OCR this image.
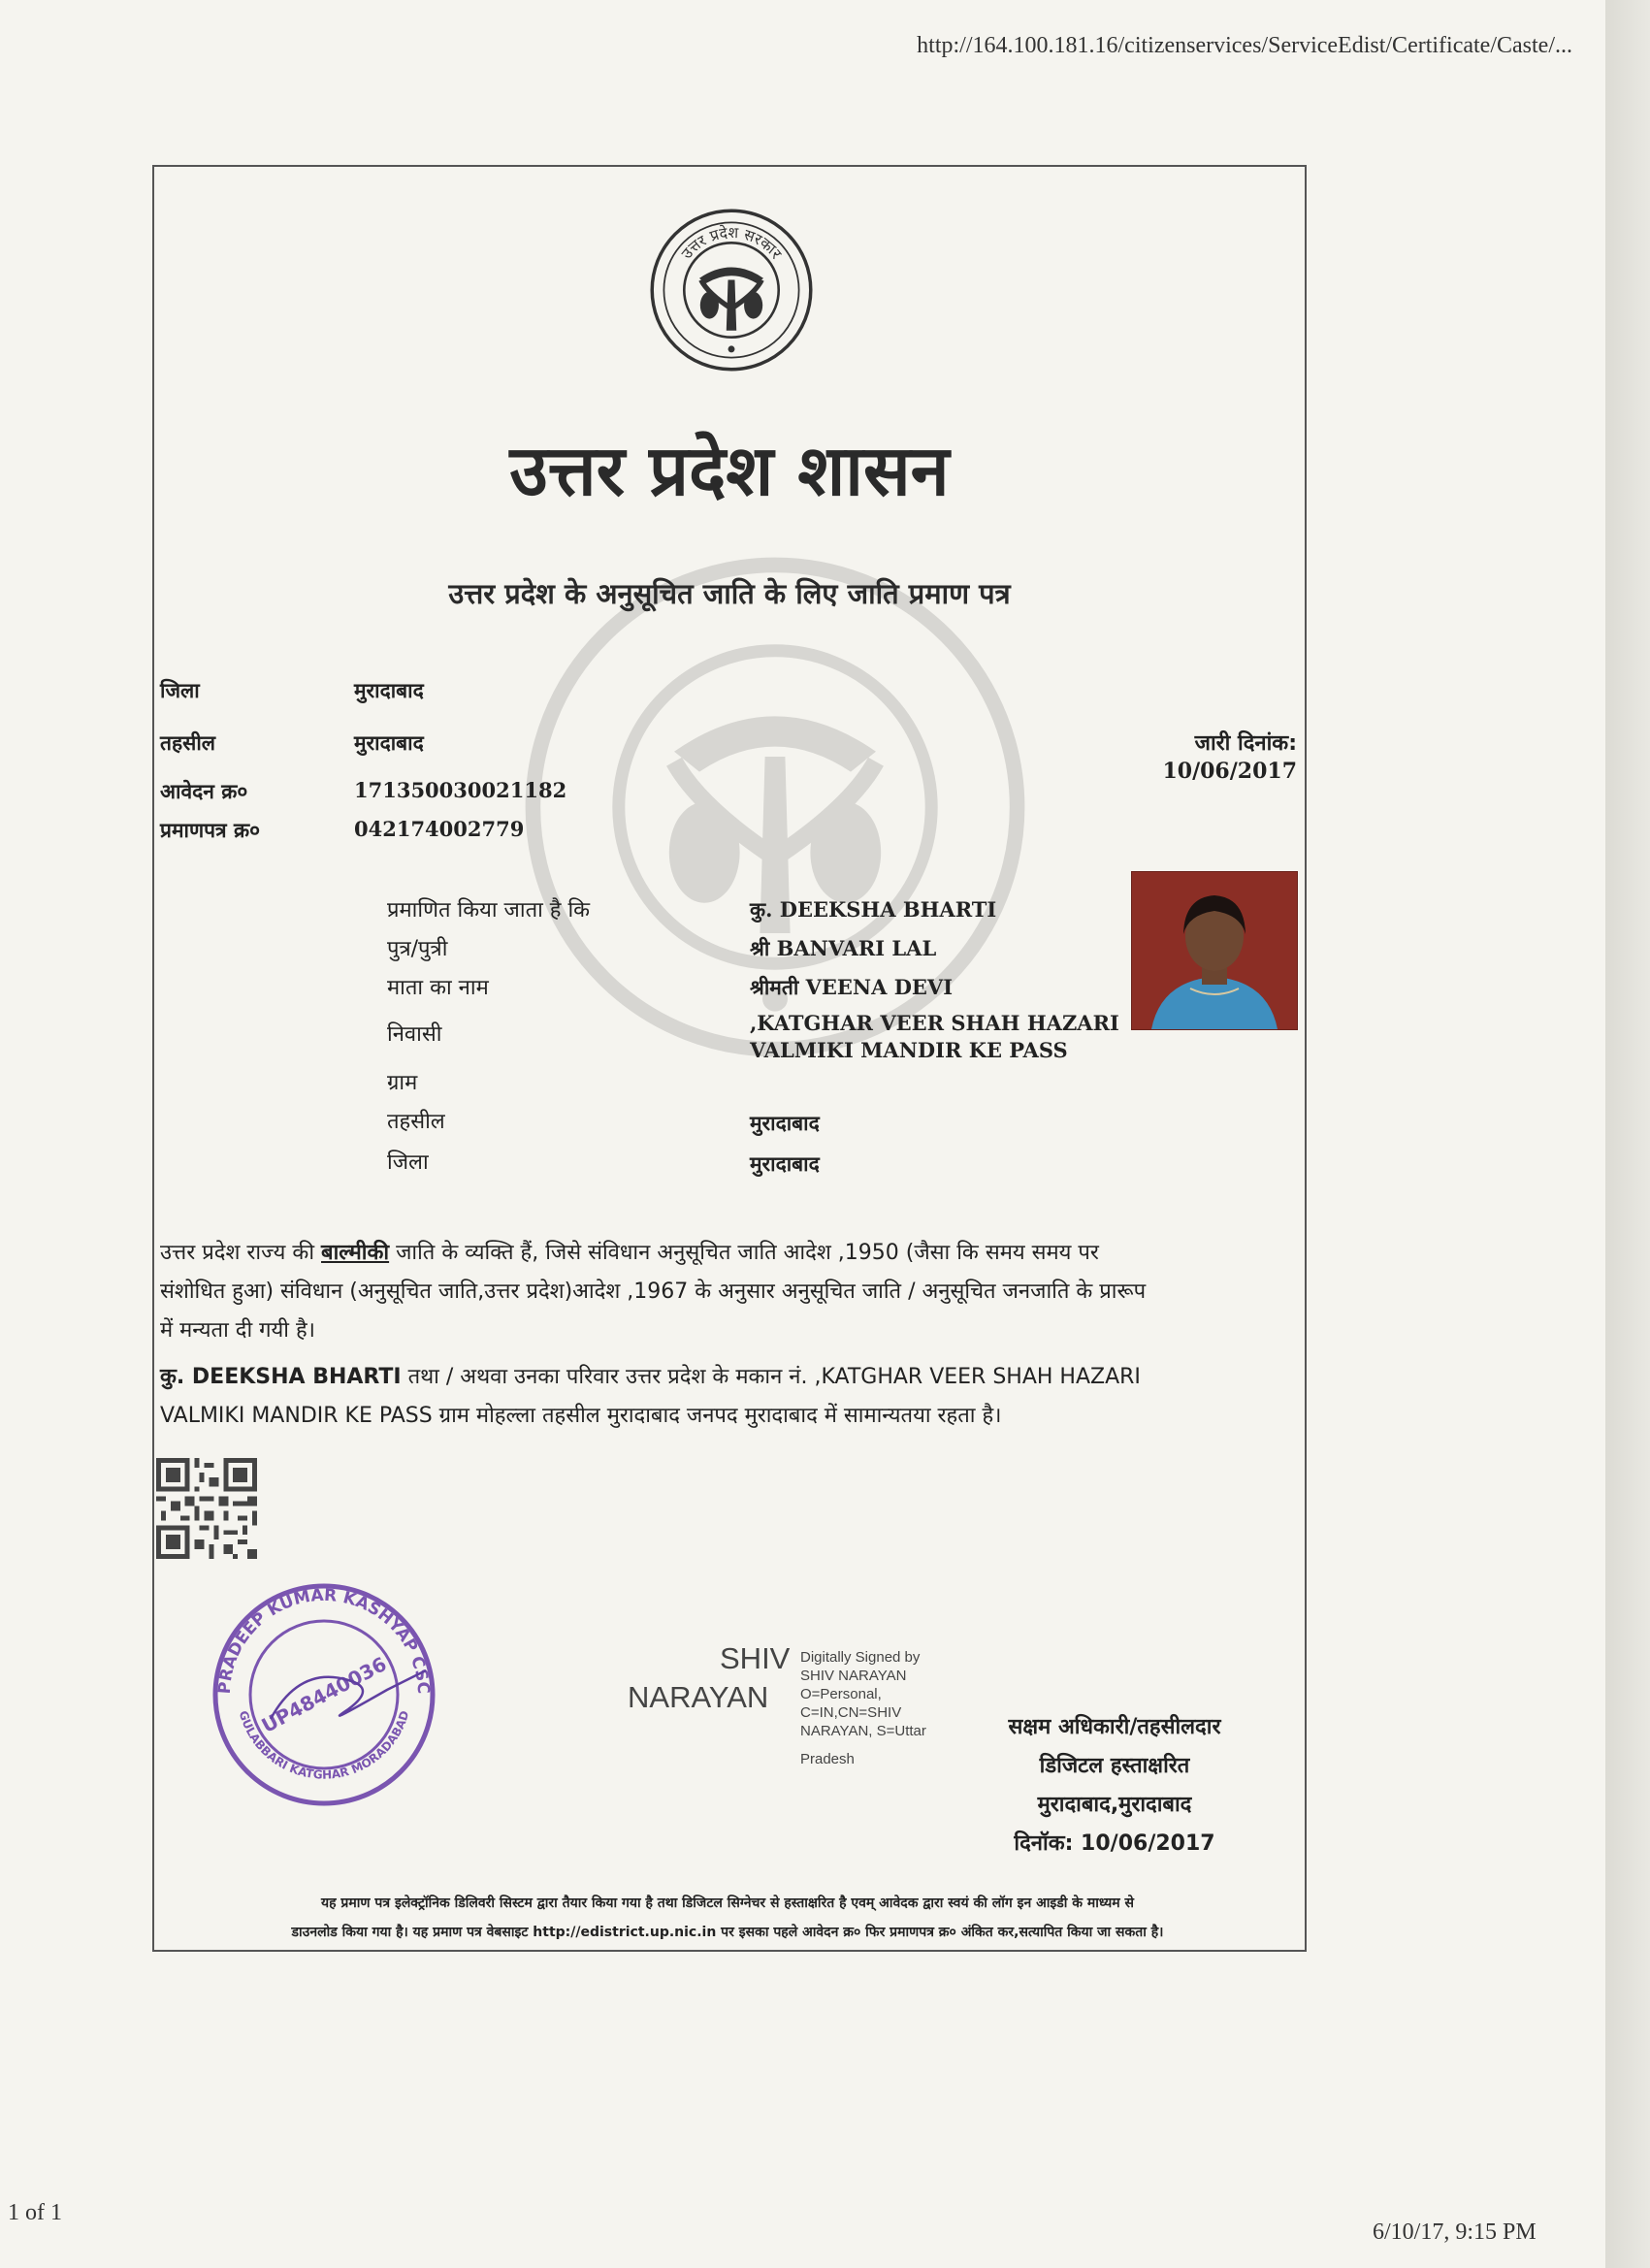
http://164.100.181.16/citizenservices/ServiceEdist/Certificate/Caste/...
उत्तर प्रदेश सरकार
उत्तर प्रदेश शासन
उत्तर प्रदेश के अनुसूचित जाति के लिए जाति प्रमाण पत्र
जिला	मुरादाबाद
तहसील	मुरादाबाद
आवेदन क्र०	171350030021182
प्रमाणपत्र क्र०	042174002779
जारी दिनांक:
10/06/2017
प्रमाणित किया जाता है कि	कु. DEEKSHA BHARTI
पुत्र/पुत्री	श्री BANVARI LAL
माता का नाम	श्रीमती VEENA DEVI
निवासी	,KATGHAR VEER SHAH HAZARI
VALMIKI MANDIR KE PASS
ग्राम
तहसील	मुरादाबाद
जिला	मुरादाबाद
उत्तर प्रदेश राज्य की बाल्मीकी जाति के व्यक्ति हैं, जिसे संविधान अनुसूचित जाति आदेश ,1950 (जैसा कि समय समय पर
संशोधित हुआ) संविधान (अनुसूचित जाति,उत्तर प्रदेश)आदेश ,1967 के अनुसार अनुसूचित जाति / अनुसूचित जनजाति के प्रारूप
में मन्यता दी गयी है।
कु. DEEKSHA BHARTI तथा / अथवा उनका परिवार उत्तर प्रदेश के मकान नं. ,KATGHAR VEER SHAH HAZARI
VALMIKI MANDIR KE PASS ग्राम मोहल्ला तहसील मुरादाबाद जनपद मुरादाबाद में सामान्यतया रहता है।
PRADEEP KUMAR KASHYAP CSC
GULABBARI KATGHAR MORADABAD
UP48440036	SHIV
NARAYAN
Digitally Signed by
SHIV NARAYAN
O=Personal,
C=IN,CN=SHIV
NARAYAN, S=Uttar
Pradesh
सक्षम अधिकारी/तहसीलदार
डिजिटल हस्ताक्षरित
मुरादाबाद,मुरादाबाद
दिनॉक: 10/06/2017
यह प्रमाण पत्र इलेक्ट्रॉनिक डिलिवरी सिस्टम द्वारा तैयार किया गया है तथा डिजिटल सिग्नेचर से हस्ताक्षरित है एवम् आवेदक द्वारा स्वयं की लॉग इन आइडी के माध्यम से
डाउनलोड किया गया है। यह प्रमाण पत्र वेबसाइट http://edistrict.up.nic.in पर इसका पहले आवेदन क्र० फिर प्रमाणपत्र क्र० अंकित कर,सत्यापित किया जा सकता है।
1 of 1
6/10/17, 9:15 PM
